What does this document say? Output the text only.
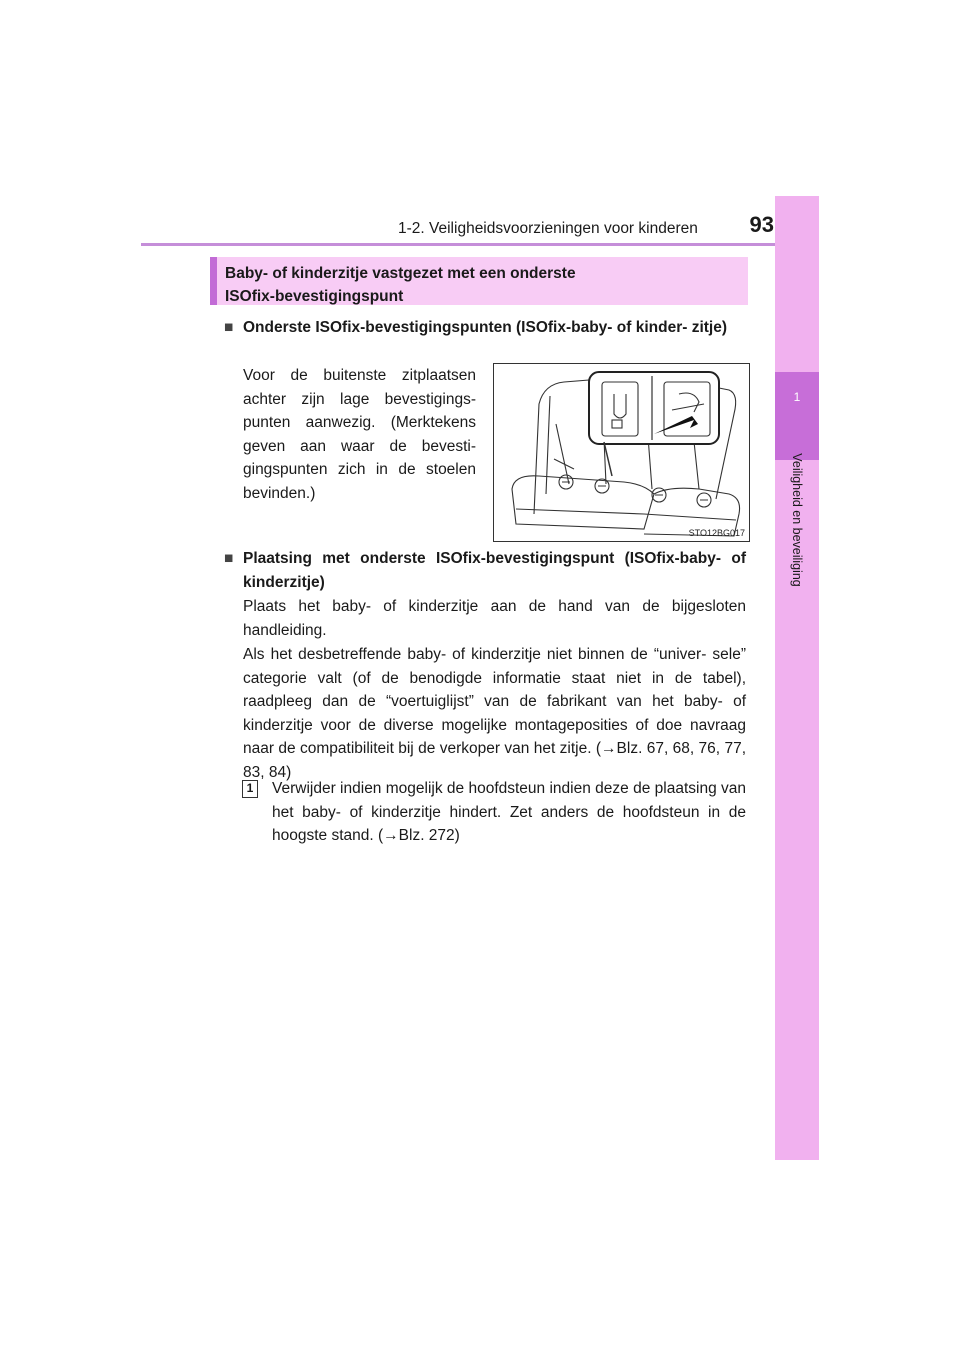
1-2. Veiligheidsvoorzieningen voor kinderen	93
1
Veiligheid en beveiliging
Baby- of kinderzitje vastgezet met een onderste
ISOfix-bevestigingspunt
■ Onderste ISOfix-bevestigingspunten (ISOfix-baby- of kinder- zitje)
Voor de buitenste zitplaatsen achter zijn lage bevestigings- punten aanwezig. (Merktekens geven aan waar de bevesti- gingspunten zich in de stoelen bevinden.)
STO12BG017
■ Plaatsing met onderste ISOfix-bevestigingspunt (ISOfix-baby- of kinderzitje)
Plaats het baby- of kinderzitje aan de hand van de bijgesloten handleiding.
Als het desbetreffende baby- of kinderzitje niet binnen de “univer- sele” categorie valt (of de benodigde informatie staat niet in de tabel), raadpleeg dan de “voertuiglijst” van de fabrikant van het baby- of kinderzitje voor de diverse mogelijke montageposities of doe navraag naar de compatibiliteit bij de verkoper van het zitje. (→Blz. 67, 68, 76, 77, 83, 84)
1	Verwijder indien mogelijk de hoofdsteun indien deze de plaatsing van het baby- of kinderzitje hindert. Zet anders de hoofdsteun in de hoogste stand. (→Blz. 272)
